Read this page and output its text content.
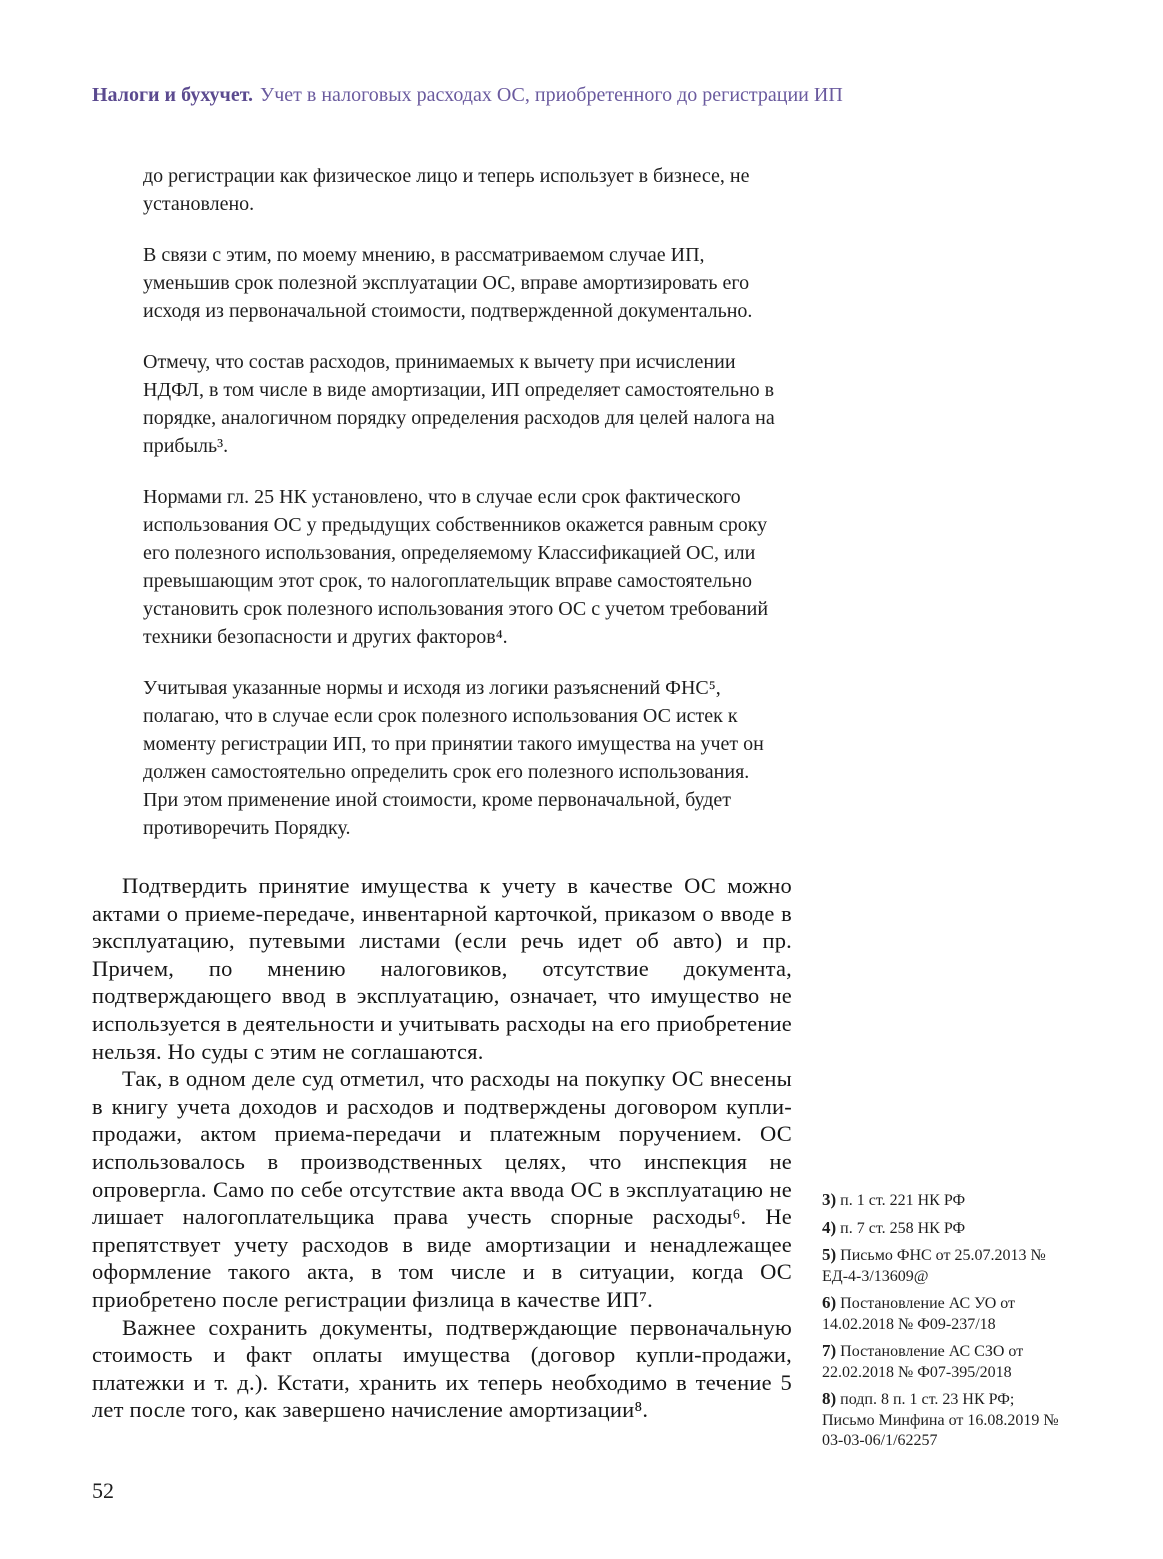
Налоги и бухучет. Учет в налоговых расходах ОС, приобретенного до регистрации ИП

до регистрации как физическое лицо и теперь использует в бизнесе, не установлено.

В связи с этим, по моему мнению, в рассматриваемом случае ИП, уменьшив срок полезной эксплуатации ОС, вправе амортизировать его исходя из первоначальной стоимости, подтвержденной документально.

Отмечу, что состав расходов, принимаемых к вычету при исчислении НДФЛ, в том числе в виде амортизации, ИП определяет самостоятельно в порядке, аналогичном порядку определения расходов для целей налога на прибыль³.

Нормами гл. 25 НК установлено, что в случае если срок фактического использования ОС у предыдущих собственников окажется равным сроку его полезного использования, определяемому Классификацией ОС, или превышающим этот срок, то налогоплательщик вправе самостоятельно установить срок полезного использования этого ОС с учетом требований техники безопасности и других факторов⁴.

Учитывая указанные нормы и исходя из логики разъяснений ФНС⁵, полагаю, что в случае если срок полезного использования ОС истек к моменту регистрации ИП, то при принятии такого имущества на учет он должен самостоятельно определить срок его полезного использования. При этом применение иной стоимости, кроме первоначальной, будет противоречить Порядку.

Подтвердить принятие имущества к учету в качестве ОС можно актами о приеме-передаче, инвентарной карточкой, приказом о вводе в эксплуатацию, путевыми листами (если речь идет об авто) и пр. Причем, по мнению налоговиков, отсутствие документа, подтверждающего ввод в эксплуатацию, означает, что имущество не используется в деятельности и учитывать расходы на его приобретение нельзя. Но суды с этим не соглашаются.

Так, в одном деле суд отметил, что расходы на покупку ОС внесены в книгу учета доходов и расходов и подтверждены договором купли-продажи, актом приема-передачи и платежным поручением. ОС использовалось в производственных целях, что инспекция не опровергла. Само по себе отсутствие акта ввода ОС в эксплуатацию не лишает налогоплательщика права учесть спорные расходы⁶. Не препятствует учету расходов в виде амортизации и ненадлежащее оформление такого акта, в том числе и в ситуации, когда ОС приобретено после регистрации физлица в качестве ИП⁷.

Важнее сохранить документы, подтверждающие первоначальную стоимость и факт оплаты имущества (договор купли-продажи, платежки и т. д.). Кстати, хранить их теперь необходимо в течение 5 лет после того, как завершено начисление амортизации⁸.

3) п. 1 ст. 221 НК РФ
4) п. 7 ст. 258 НК РФ
5) Письмо ФНС от 25.07.2013 № ЕД-4-3/13609@
6) Постановление АС УО от 14.02.2018 № Ф09-237/18
7) Постановление АС СЗО от 22.02.2018 № Ф07-395/2018
8) подп. 8 п. 1 ст. 23 НК РФ; Письмо Минфина от 16.08.2019 № 03-03-06/1/62257
52
